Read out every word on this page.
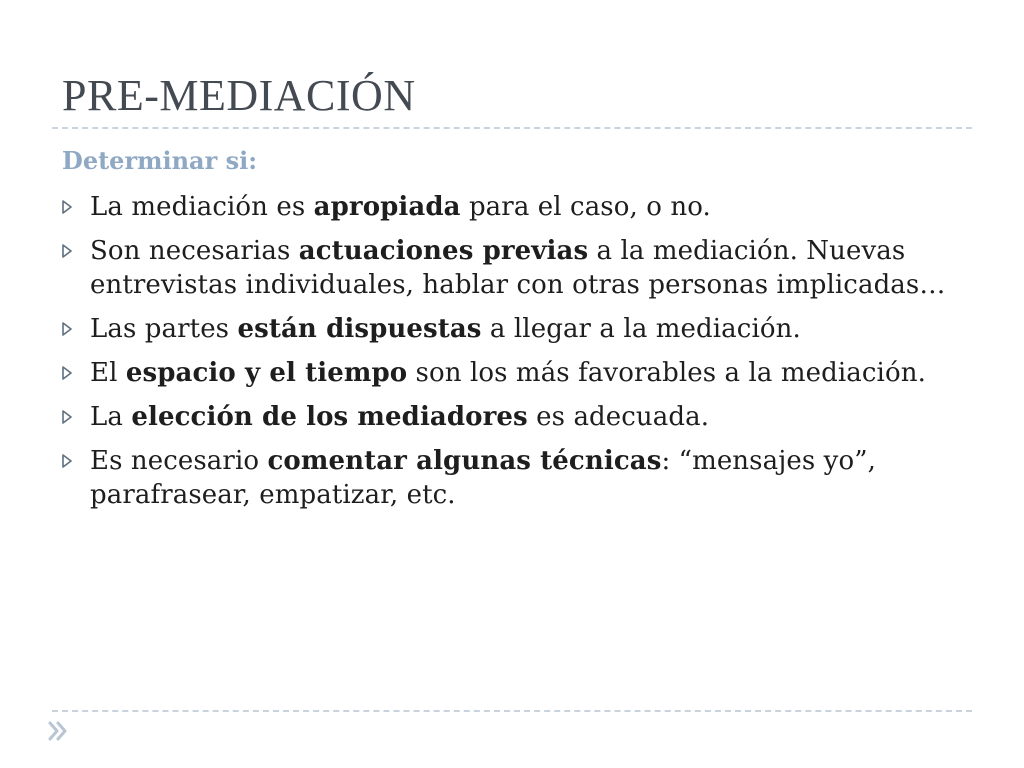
PRE-MEDIACIÓN
Determinar si:
La mediación es apropiada para el caso, o no.
Son necesarias actuaciones previas a la mediación. Nuevas entrevistas individuales, hablar con otras personas implicadas…
Las partes están dispuestas a llegar a la mediación.
El espacio y el tiempo son los más favorables a la mediación.
La elección de los mediadores es adecuada.
Es necesario comentar algunas técnicas: “mensajes yo”, parafrasear, empatizar, etc.
